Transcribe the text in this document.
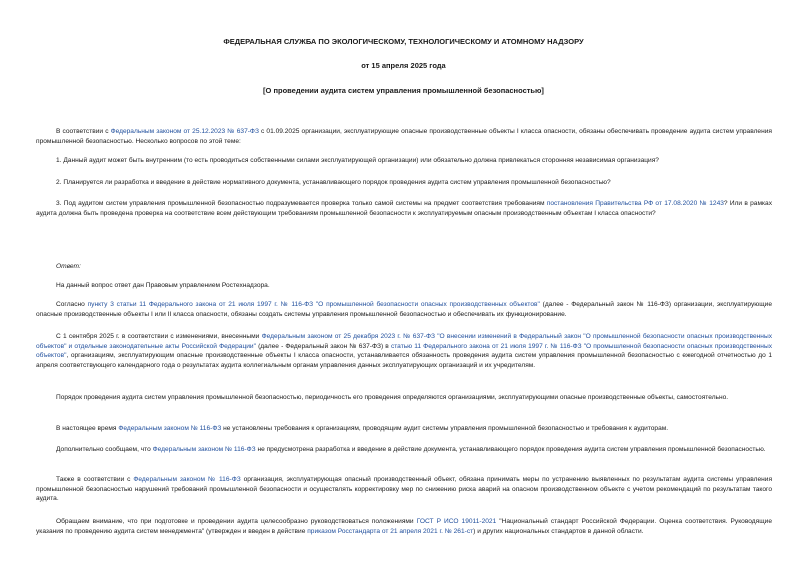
ФЕДЕРАЛЬНАЯ СЛУЖБА ПО ЭКОЛОГИЧЕСКОМУ, ТЕХНОЛОГИЧЕСКОМУ И АТОМНОМУ НАДЗОРУ
от 15 апреля 2025 года
[О проведении аудита систем управления промышленной безопасностью]

В соответствии с Федеральным законом от 25.12.2023 № 637-ФЗ с 01.09.2025 организации, эксплуатирующие опасные производственные объекты I класса опасности, обязаны обеспечивать проведение аудита систем управления промышленной безопасностью. Несколько вопросов по этой теме:

1. Данный аудит может быть внутренним (то есть проводиться собственными силами эксплуатирующей организации) или обязательно должна привлекаться сторонняя независимая организация?

2. Планируется ли разработка и введение в действие нормативного документа, устанавливающего порядок проведения аудита систем управления промышленной безопасностью?

3. Под аудитом систем управления промышленной безопасностью подразумевается проверка только самой системы на предмет соответствия требованиям постановления Правительства РФ от 17.08.2020 № 1243? Или в рамках аудита должна быть проведена проверка на соответствие всем действующим требованиям промышленной безопасности к эксплуатируемым опасным производственным объектам I класса опасности?

Ответ:

На данный вопрос ответ дан Правовым управлением Ростехнадзора.

Согласно пункту 3 статьи 11 Федерального закона от 21 июля 1997 г. № 116-ФЗ "О промышленной безопасности опасных производственных объектов" (далее - Федеральный закон № 116-ФЗ) организации, эксплуатирующие опасные производственные объекты I или II класса опасности, обязаны создать системы управления промышленной безопасностью и обеспечивать их функционирование.

С 1 сентября 2025 г. в соответствии с изменениями, внесенными Федеральным законом от 25 декабря 2023 г. № 637-ФЗ "О внесении изменений в Федеральный закон "О промышленной безопасности опасных производственных объектов" и отдельные законодательные акты Российской Федерации" (далее - Федеральный закон № 637-ФЗ) в статью 11 Федерального закона от 21 июля 1997 г. № 116-ФЗ "О промышленной безопасности опасных производственных объектов", организациям, эксплуатирующим опасные производственные объекты I класса опасности, устанавливается обязанность проведения аудита систем управления промышленной безопасностью с ежегодной отчетностью до 1 апреля соответствующего календарного года о результатах аудита коллегиальным органам управления данных эксплуатирующих организаций и их учредителям.

Порядок проведения аудита систем управления промышленной безопасностью, периодичность его проведения определяются организациями, эксплуатирующими опасные производственные объекты, самостоятельно.

В настоящее время Федеральным законом № 116-ФЗ не установлены требования к организациям, проводящим аудит системы управления промышленной безопасностью и требования к аудиторам.

Дополнительно сообщаем, что Федеральным законом № 116-ФЗ не предусмотрена разработка и введение в действие документа, устанавливающего порядок проведения аудита систем управления промышленной безопасностью.

Также в соответствии с Федеральным законом № 116-ФЗ организация, эксплуатирующая опасный производственный объект, обязана принимать меры по устранению выявленных по результатам аудита системы управления промышленной безопасностью нарушений требований промышленной безопасности и осуществлять корректировку мер по снижению риска аварий на опасном производственном объекте с учетом рекомендаций по результатам такого аудита.

Обращаем внимание, что при подготовке и проведении аудита целесообразно руководствоваться положениями ГОСТ Р ИСО 19011-2021 "Национальный стандарт Российской Федерации. Оценка соответствия. Руководящие указания по проведению аудита систем менеджмента" (утвержден и введен в действие приказом Росстандарта от 21 апреля 2021 г. № 261-ст) и других национальных стандартов в данной области.
